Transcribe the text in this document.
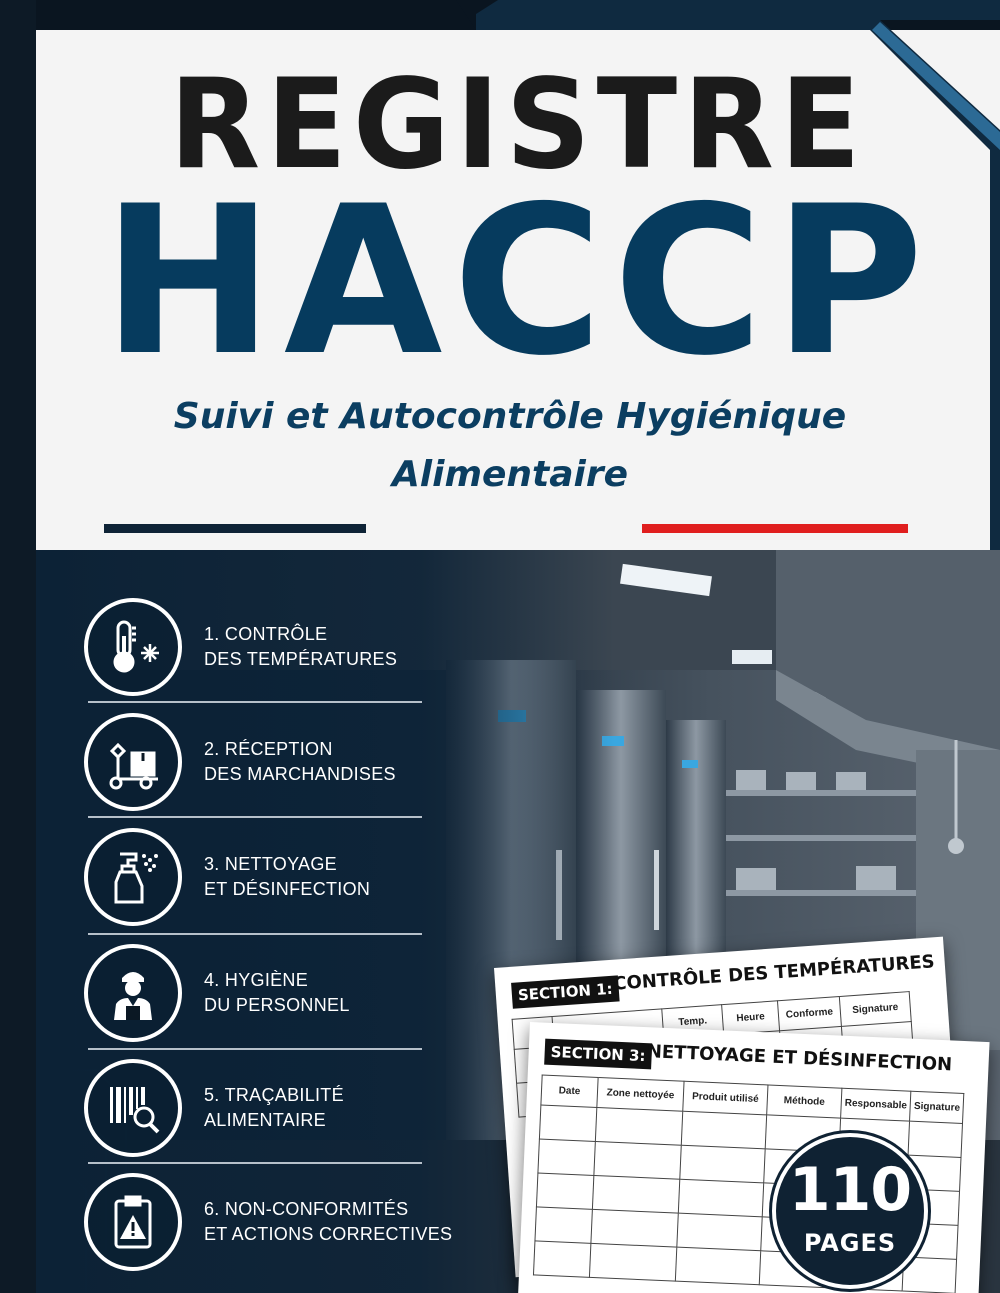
REGISTRE
HACCP
Suivi et Autocontrôle Hygiénique
Alimentaire
1. CONTRÔLE
DES TEMPÉRATURES
2. RÉCEPTION
DES MARCHANDISES
3. NETTOYAGE
ET DÉSINFECTION
4. HYGIÈNE
DU PERSONNEL
5. TRAÇABILITÉ
ALIMENTAIRE
6. NON-CONFORMITÉS
ET ACTIONS CORRECTIVES
SECTION 1: CONTRÔLE DES TEMPÉRATURES
		Temp.	Heure	Conforme	Signature

SECTION 3: NETTOYAGE ET DÉSINFECTION
Date	Zone nettoyée	Produit utilisé	Méthode	Responsable	Signature

110
PAGES
